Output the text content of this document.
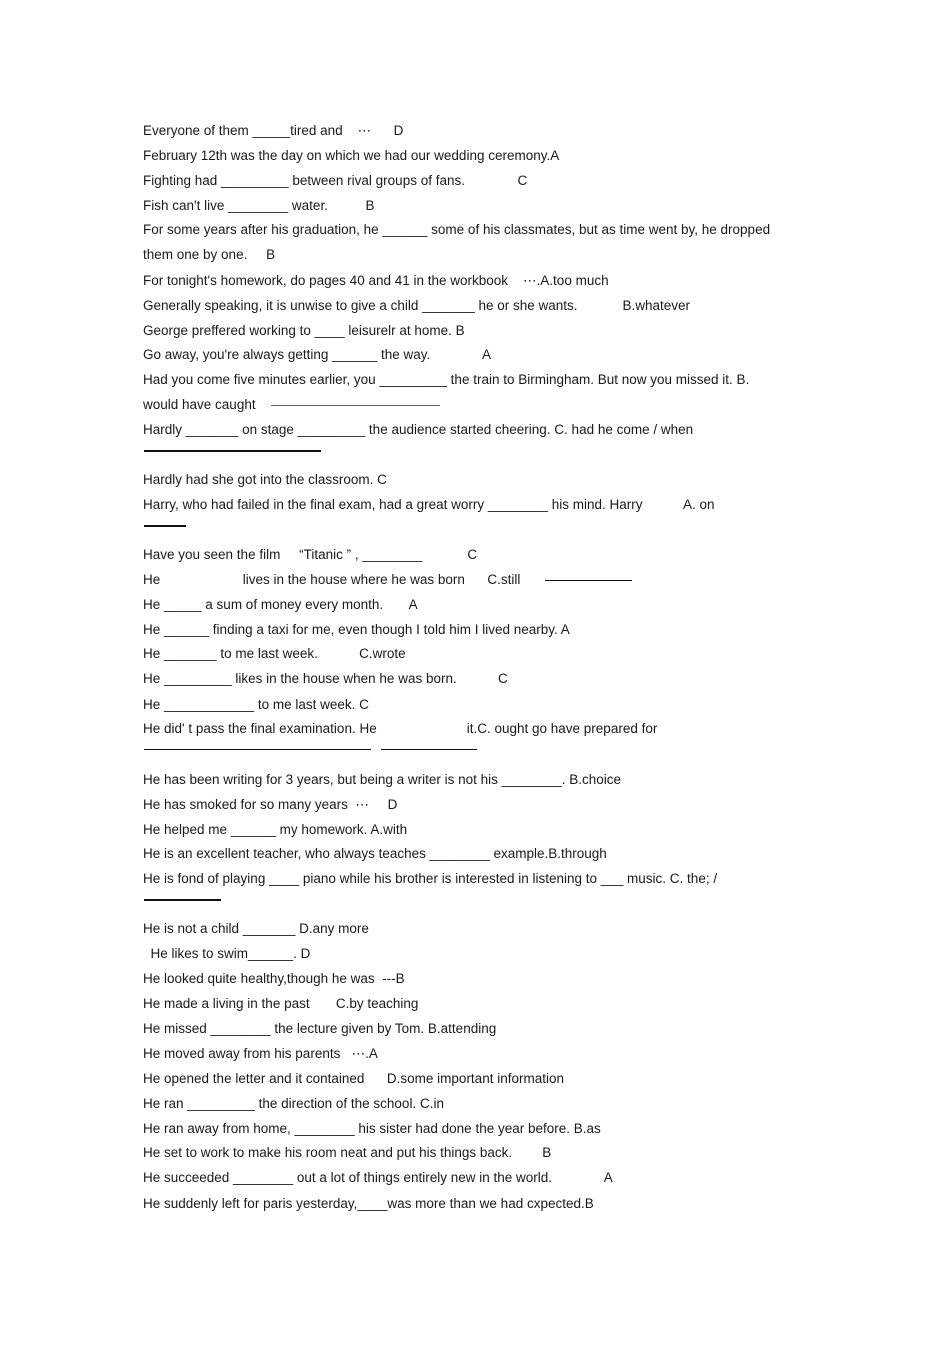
Everyone of them _____tired and    ⋯      D
February 12th was the day on which we had our wedding ceremony.A
Fighting had _________ between rival groups of fans.              C
Fish can't live ________ water.          B
For some years after his graduation, he ______ some of his classmates, but as time went by, he dropped
them one by one.     B
For tonight's homework, do pages 40 and 41 in the workbook    ⋯.A.too much
Generally speaking, it is unwise to give a child _______ he or she wants.            B.whatever
George preffered working to ____ leisurelr at home. B
Go away, you're always getting ______ the way.              A
Had you come five minutes earlier, you _________ the train to Birmingham. But now you missed it. B.
would have caught
Hardly _______ on stage _________ the audience started cheering. C. had he come / when
Hardly had she got into the classroom. C
Harry, who had failed in the final exam, had a great worry ________ his mind. Harry           A. on
Have you seen the film     “Titanic ” , ________            C
He                      lives in the house where he was born      C.still
He _____ a sum of money every month.       A
He ______ finding a taxi for me, even though I told him I lived nearby. A
He _______ to me last week.           C.wrote
He _________ likes in the house when he was born.           C
He ____________ to me last week. C
He did' t pass the final examination. He                        it.C. ought go have prepared for
He has been writing for 3 years, but being a writer is not his ________. B.choice
He has smoked for so many years  ⋯     D
He helped me ______ my homework. A.with
He is an excellent teacher, who always teaches ________ example.B.through
He is fond of playing ____ piano while his brother is interested in listening to ___ music. C. the; /
He is not a child _______ D.any more
He likes to swim______. D
He looked quite healthy,though he was  ---B
He made a living in the past       C.by teaching
He missed ________ the lecture given by Tom. B.attending
He moved away from his parents   ⋯.A
He opened the letter and it contained      D.some important information
He ran _________ the direction of the school. C.in
He ran away from home, ________ his sister had done the year before. B.as
He set to work to make his room neat and put his things back.        B
He succeeded ________ out a lot of things entirely new in the world.              A
He suddenly left for paris yesterday,____was more than we had cxpected.B
